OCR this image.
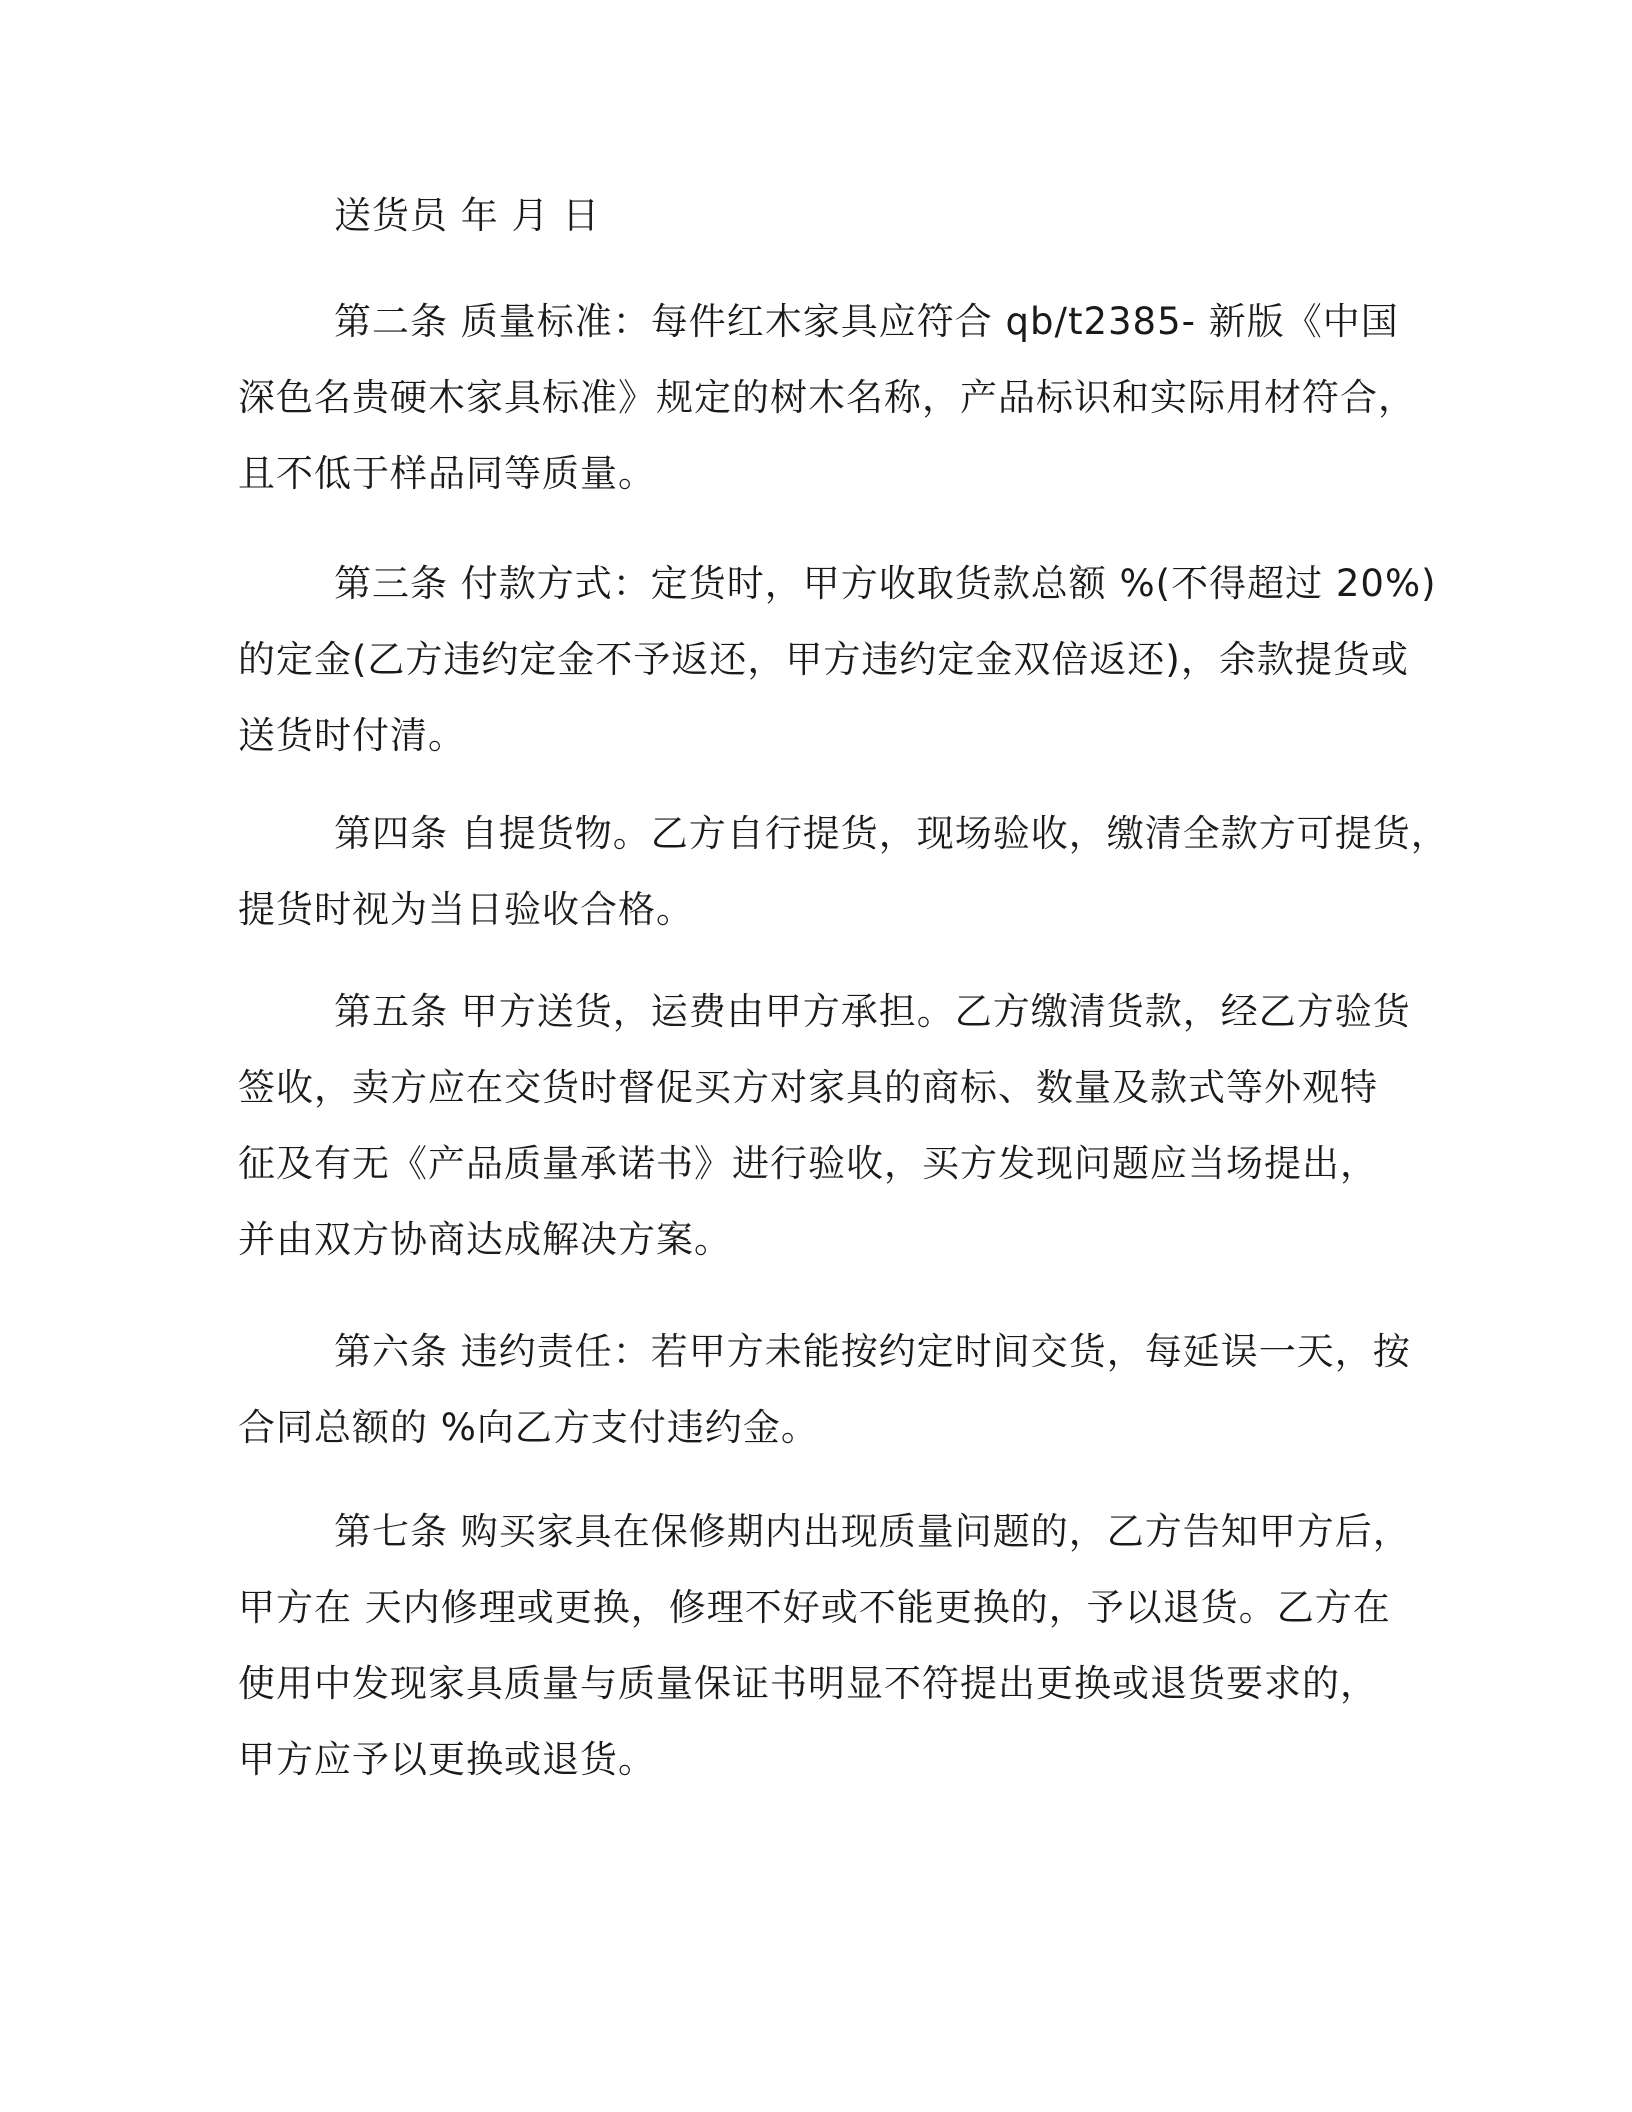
送货员 年 月 日
第二条 质量标准：每件红木家具应符合 qb/t2385- 新版《中国
深色名贵硬木家具标准》规定的树木名称，产品标识和实际用材符合，
且不低于样品同等质量。
第三条 付款方式：定货时，甲方收取货款总额 %(不得超过 20%)
的定金(乙方违约定金不予返还，甲方违约定金双倍返还)，余款提货或
送货时付清。
第四条 自提货物。乙方自行提货，现场验收，缴清全款方可提货，
提货时视为当日验收合格。
第五条 甲方送货，运费由甲方承担。乙方缴清货款，经乙方验货
签收，卖方应在交货时督促买方对家具的商标、数量及款式等外观特
征及有无《产品质量承诺书》进行验收，买方发现问题应当场提出，
并由双方协商达成解决方案。
第六条 违约责任：若甲方未能按约定时间交货，每延误一天，按
合同总额的 %向乙方支付违约金。
第七条 购买家具在保修期内出现质量问题的，乙方告知甲方后，
甲方在 天内修理或更换，修理不好或不能更换的，予以退货。乙方在
使用中发现家具质量与质量保证书明显不符提出更换或退货要求的，
甲方应予以更换或退货。
